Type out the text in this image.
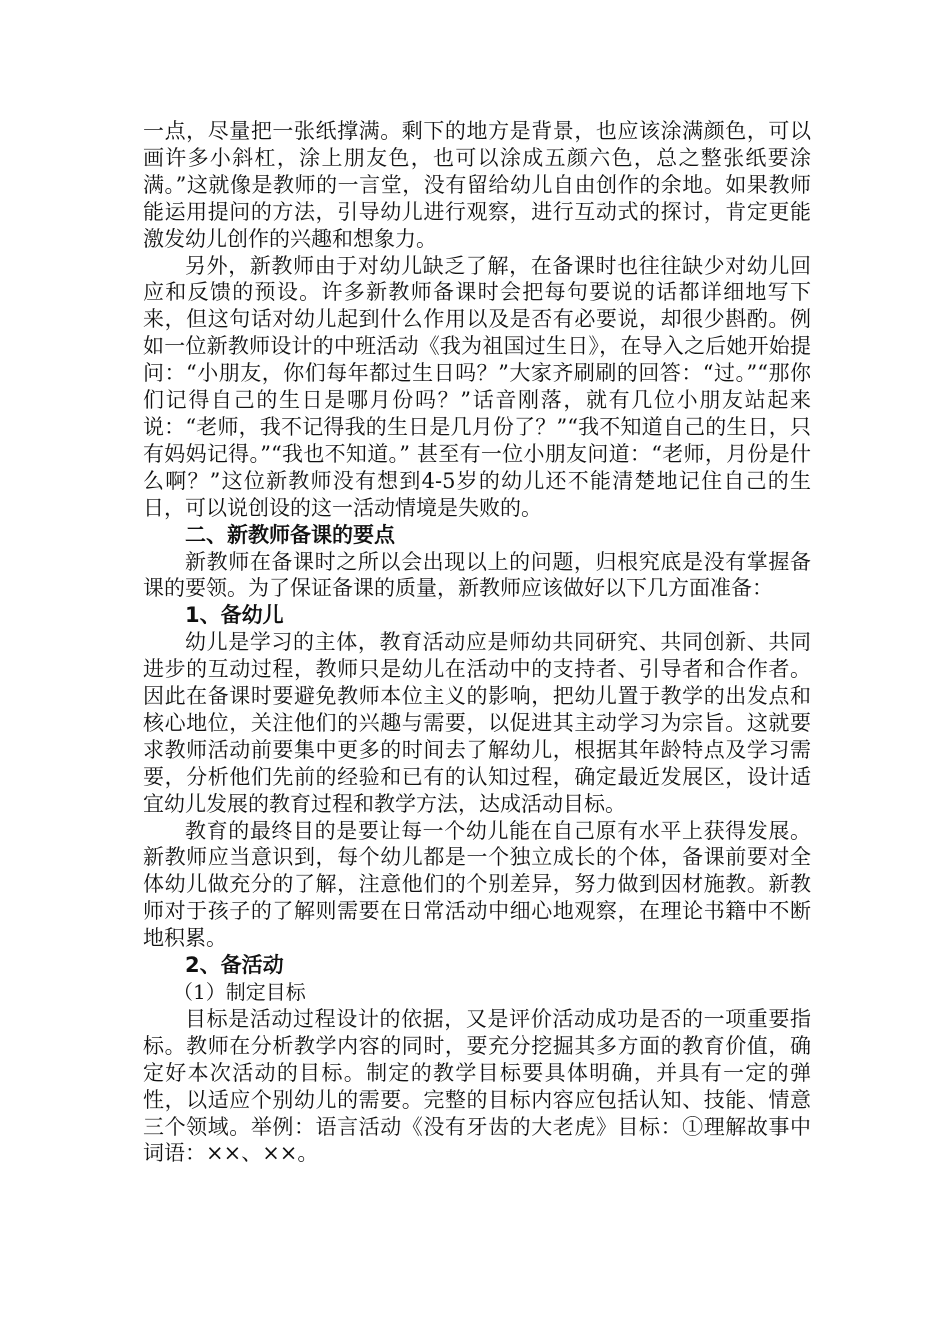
一点，尽量把一张纸撑满。剩下的地方是背景，也应该涂满颜色，可以画许多小斜杠，涂上朋友色，也可以涂成五颜六色，总之整张纸要涂满。”这就像是教师的一言堂，没有留给幼儿自由创作的余地。如果教师能运用提问的方法，引导幼儿进行观察，进行互动式的探讨，肯定更能激发幼儿创作的兴趣和想象力。

另外，新教师由于对幼儿缺乏了解，在备课时也往往缺少对幼儿回应和反馈的预设。许多新教师备课时会把每句要说的话都详细地写下来，但这句话对幼儿起到什么作用以及是否有必要说，却很少斟酌。例如一位新教师设计的中班活动《我为祖国过生日》，在导入之后她开始提问：“小朋友，你们每年都过生日吗？”大家齐刷刷的回答：“过。”“那你们记得自己的生日是哪月份吗？”话音刚落，就有几位小朋友站起来说：“老师，我不记得我的生日是几月份了？”“我不知道自己的生日，只有妈妈记得。”“我也不知道。” 甚至有一位小朋友问道：“老师，月份是什么啊？”这位新教师没有想到4-5岁的幼儿还不能清楚地记住自己的生日，可以说创设的这一活动情境是失败的。

二、新教师备课的要点

新教师在备课时之所以会出现以上的问题，归根究底是没有掌握备课的要领。为了保证备课的质量，新教师应该做好以下几方面准备：

1、备幼儿

幼儿是学习的主体，教育活动应是师幼共同研究、共同创新、共同进步的互动过程，教师只是幼儿在活动中的支持者、引导者和合作者。因此在备课时要避免教师本位主义的影响，把幼儿置于教学的出发点和核心地位，关注他们的兴趣与需要，以促进其主动学习为宗旨。这就要求教师活动前要集中更多的时间去了解幼儿，根据其年龄特点及学习需要，分析他们先前的经验和已有的认知过程，确定最近发展区，设计适宜幼儿发展的教育过程和教学方法，达成活动目标。

教育的最终目的是要让每一个幼儿能在自己原有水平上获得发展。新教师应当意识到，每个幼儿都是一个独立成长的个体，备课前要对全体幼儿做充分的了解，注意他们的个别差异，努力做到因材施教。新教师对于孩子的了解则需要在日常活动中细心地观察，在理论书籍中不断地积累。

2、备活动

（1）制定目标

目标是活动过程设计的依据，又是评价活动成功是否的一项重要指标。教师在分析教学内容的同时，要充分挖掘其多方面的教育价值，确定好本次活动的目标。制定的教学目标要具体明确，并具有一定的弹性，以适应个别幼儿的需要。完整的目标内容应包括认知、技能、情意三个领域。举例：语言活动《没有牙齿的大老虎》目标：①理解故事中词语：××、××。
